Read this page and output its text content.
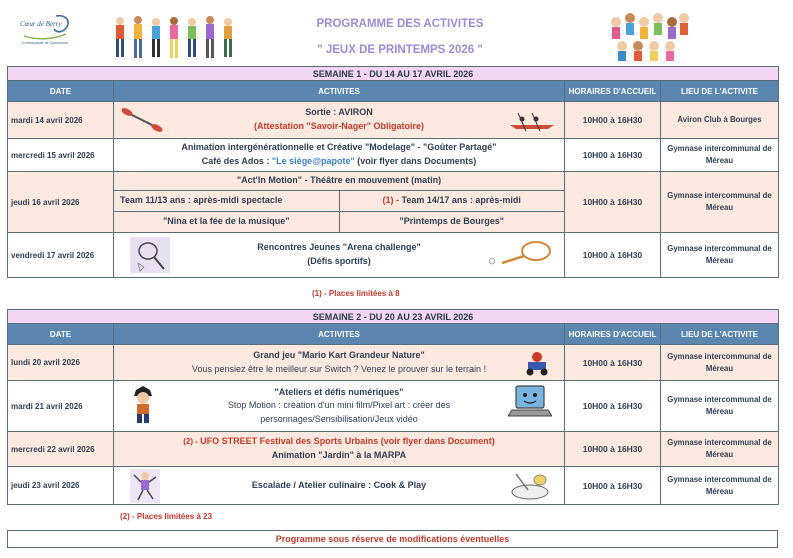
Cœur de Berry
Communauté de Communes
PROGRAMME DES ACTIVITES
" JEUX DE PRINTEMPS 2026 "
SEMAINE 1 - DU 14 AU 17 AVRIL 2026
DATE	ACTIVITES	HORAIRES D'ACCUEIL	LIEU DE L'ACTIVITE
mardi 14 avril 2026	
Sortie : AVIRON
(Attestation "Savoir-Nager" Obligatoire)
	10H00 à 16H30	Aviron Club à Bourges
mercredi 15 avril 2026	
Animation intergénérationnelle et Créative "Modelage" - "Goûter Partagé"
Café des Ados : "Le siège@papote" (voir flyer dans Documents)
	10H00 à 16H30	Gymnase intercommunal de Méreau
jeudi 16 avril 2026	
"Act'In Motion" - Théâtre en mouvement (matin)
Team 11/13 ans : après-midi spectacle	(1) - Team 14/17 ans : après-midi
"Nina et la fée de la musique"	"Printemps de Bourges"
	10H00 à 16H30	Gymnase intercommunal de Méreau
vendredi 17 avril 2026	
Rencontres Jeunes "Arena challenge"
(Défis sportifs)
	10H00 à 16H30	Gymnase intercommunal de Méreau
(1) - Places limitées à 8
SEMAINE 2 - DU 20 AU 23 AVRIL 2026			
DATE	ACTIVITES	HORAIRES D'ACCUEIL	LIEU DE L'ACTIVITE
lundi 20 avril 2026	Grand jeu "Mario Kart Grandeur Nature"
Vous pensiez être le meilleur sur Switch ? Venez le prouver sur le terrain !	10H00 à 16H30	Gymnase intercommunal de Méreau
mardi 21 avril 2026	"Ateliers et défis numériques"
Stop Motion : création d'un mini film/Pixel art : créer des
personnages/Sensibilisation/Jeux vidéo	10H00 à 16H30	Gymnase intercommunal de Méreau
mercredi 22 avril 2026	(2) - UFO STREET Festival des Sports Urbains (voir flyer dans Document)
Animation "Jardin" à la MARPA	10H00 à 16H30	Gymnase intercommunal de Méreau
jeudi 23 avril 2026	Escalade / Atelier culinaire : Cook & Play	10H00 à 16H30	Gymnase intercommunal de Méreau
(2) - Places limitées à 23
Programme sous réserve de modifications éventuelles
